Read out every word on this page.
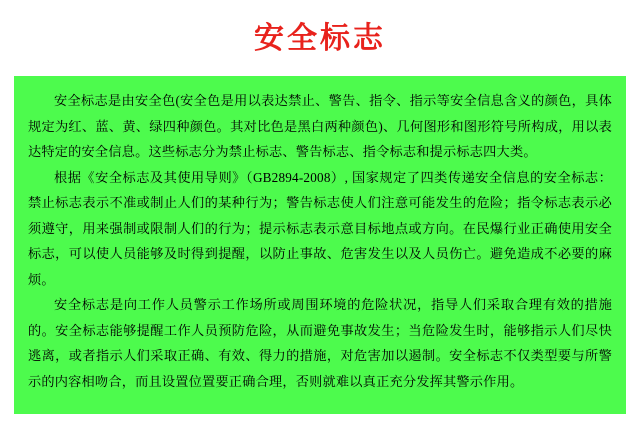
安全标志

安全标志是由安全色(安全色是用以表达禁止、警告、指令、指示等安全信息含义的颜色，具体规定为红、蓝、黄、绿四种颜色。其对比色是黑白两种颜色)、几何图形和图形符号所构成，用以表达特定的安全信息。这些标志分为禁止标志、警告标志、指令标志和提示标志四大类。

根据《安全标志及其使用导则》（GB2894-2008）, 国家规定了四类传递安全信息的安全标志：禁止标志表示不准或制止人们的某种行为；警告标志使人们注意可能发生的危险；指令标志表示必须遵守，用来强制或限制人们的行为；提示标志表示意目标地点或方向。在民爆行业正确使用安全标志，可以使人员能够及时得到提醒，以防止事故、危害发生以及人员伤亡。避免造成不必要的麻烦。

安全标志是向工作人员警示工作场所或周围环境的危险状况，指导人们采取合理有效的措施的。安全标志能够提醒工作人员预防危险，从而避免事故发生；当危险发生时，能够指示人们尽快逃离，或者指示人们采取正确、有效、得力的措施，对危害加以遏制。安全标志不仅类型要与所警示的内容相吻合，而且设置位置要正确合理，否则就难以真正充分发挥其警示作用。
